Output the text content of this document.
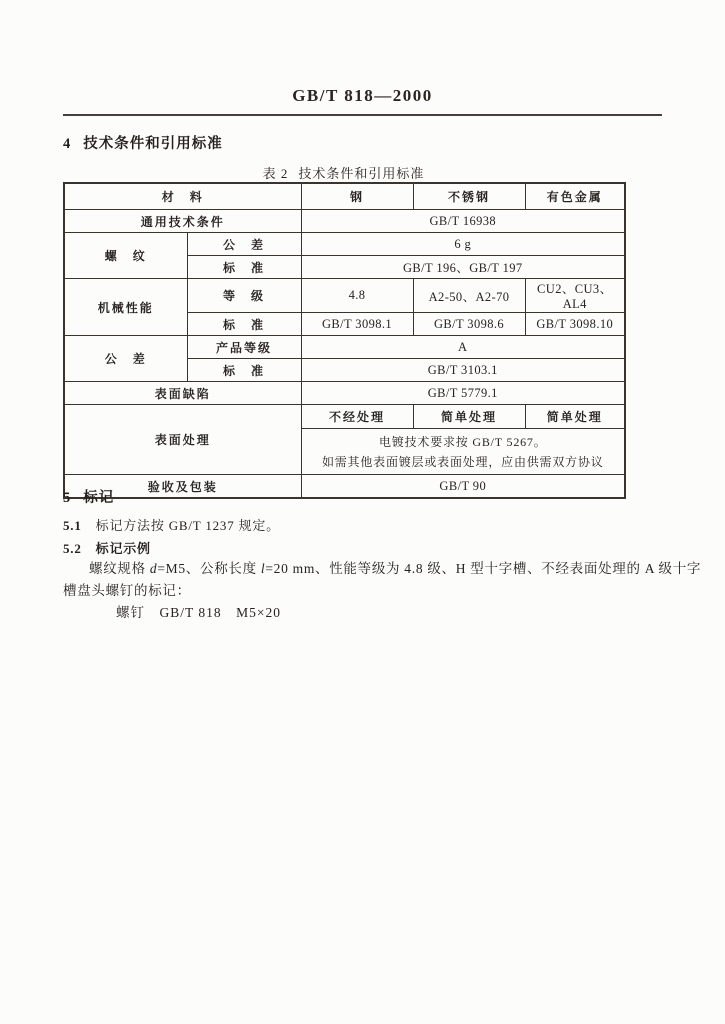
GB/T 818—2000
4 技术条件和引用标准
表 2 技术条件和引用标准
材　料		钢	不锈钢	有色金属
通用技术条件		GB/T 16938		
螺　纹	公　差	6 g		
	标　准	GB/T 196、GB/T 197		
机械性能	等　级	4.8	A2-50、A2-70	CU2、CU3、AL4
	标　准	GB/T 3098.1	GB/T 3098.6	GB/T 3098.10
公　差	产品等级	A		
	标　准	GB/T 3103.1		
表面缺陷		GB/T 5779.1		
表面处理		不经处理	简单处理	简单处理

		电镀技术要求按 GB/T 5267。
如需其他表面镀层或表面处理，应由供需双方协议		

验收及包装		GB/T 90		
5 标记
5.1 标记方法按 GB/T 1237 规定。
5.2 标记示例
螺纹规格 d=M5、公称长度 l=20 mm、性能等级为 4.8 级、H 型十字槽、不经表面处理的 A 级十字
槽盘头螺钉的标记：
螺钉　GB/T 818　M5×20
